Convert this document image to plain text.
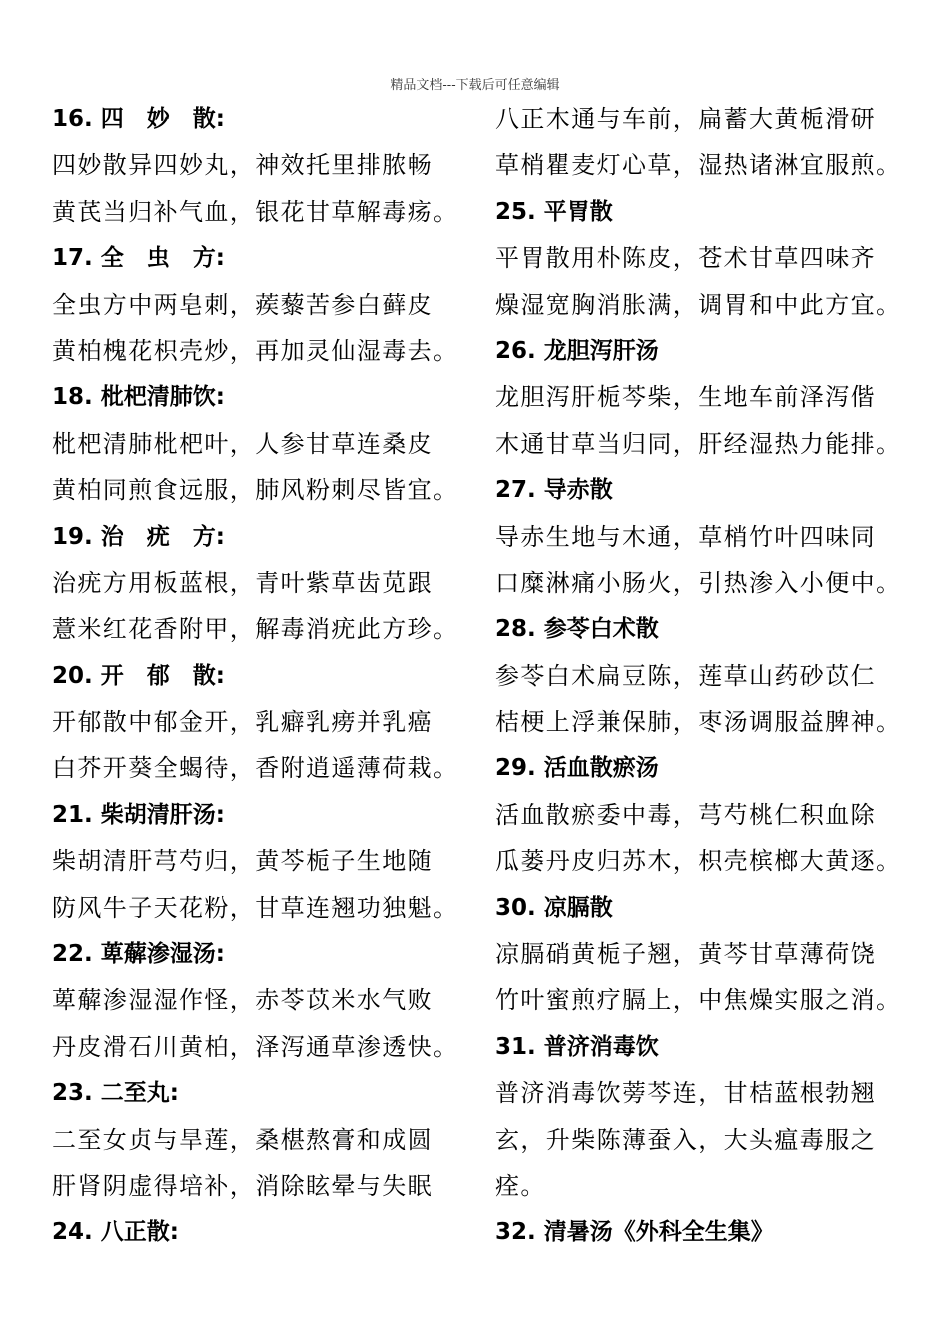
精品文档---下载后可任意编辑
16. 四　妙　散:
四妙散异四妙丸，神效托里排脓畅
黄芪当归补气血，银花甘草解毒疡。
17. 全　虫　方:
全虫方中两皂刺，蒺藜苦参白藓皮
黄柏槐花枳壳炒，再加灵仙湿毒去。
18. 枇杷清肺饮:
枇杷清肺枇杷叶，人参甘草连桑皮
黄柏同煎食远服，肺风粉刺尽皆宜。
19. 治　疣　方:
治疣方用板蓝根，青叶紫草齿苋跟
薏米红花香附甲，解毒消疣此方珍。
20. 开　郁　散:
开郁散中郁金开，乳癖乳痨并乳癌
白芥开葵全蝎待，香附逍遥薄荷栽。
21. 柴胡清肝汤:
柴胡清肝芎芍归，黄芩栀子生地随
防风牛子天花粉，甘草连翘功独魁。
22. 萆薢渗湿汤:
萆薢渗湿湿作怪，赤苓苡米水气败
丹皮滑石川黄柏，泽泻通草渗透快。
23. 二至丸:
二至女贞与旱莲，桑椹熬膏和成圆
肝肾阴虚得培补，消除眩晕与失眠
24. 八正散:
八正木通与车前，扁蓄大黄栀滑研
草梢瞿麦灯心草，湿热诸淋宜服煎。
25. 平胃散
平胃散用朴陈皮，苍术甘草四味齐
燥湿宽胸消胀满，调胃和中此方宜。
26. 龙胆泻肝汤
龙胆泻肝栀芩柴，生地车前泽泻偕
木通甘草当归同，肝经湿热力能排。
27. 导赤散
导赤生地与木通，草梢竹叶四味同
口糜淋痛小肠火，引热渗入小便中。
28. 参苓白术散
参苓白术扁豆陈，莲草山药砂苡仁
桔梗上浮兼保肺，枣汤调服益脾神。
29. 活血散瘀汤
活血散瘀委中毒，芎芍桃仁积血除
瓜蒌丹皮归苏木，枳壳槟榔大黄逐。
30. 凉膈散
凉膈硝黄栀子翘，黄芩甘草薄荷饶
竹叶蜜煎疗膈上，中焦燥实服之消。
31. 普济消毒饮
普济消毒饮蒡芩连，甘桔蓝根勃翘
玄，升柴陈薄蚕入，大头瘟毒服之
痊。
32. 清暑汤《外科全生集》
